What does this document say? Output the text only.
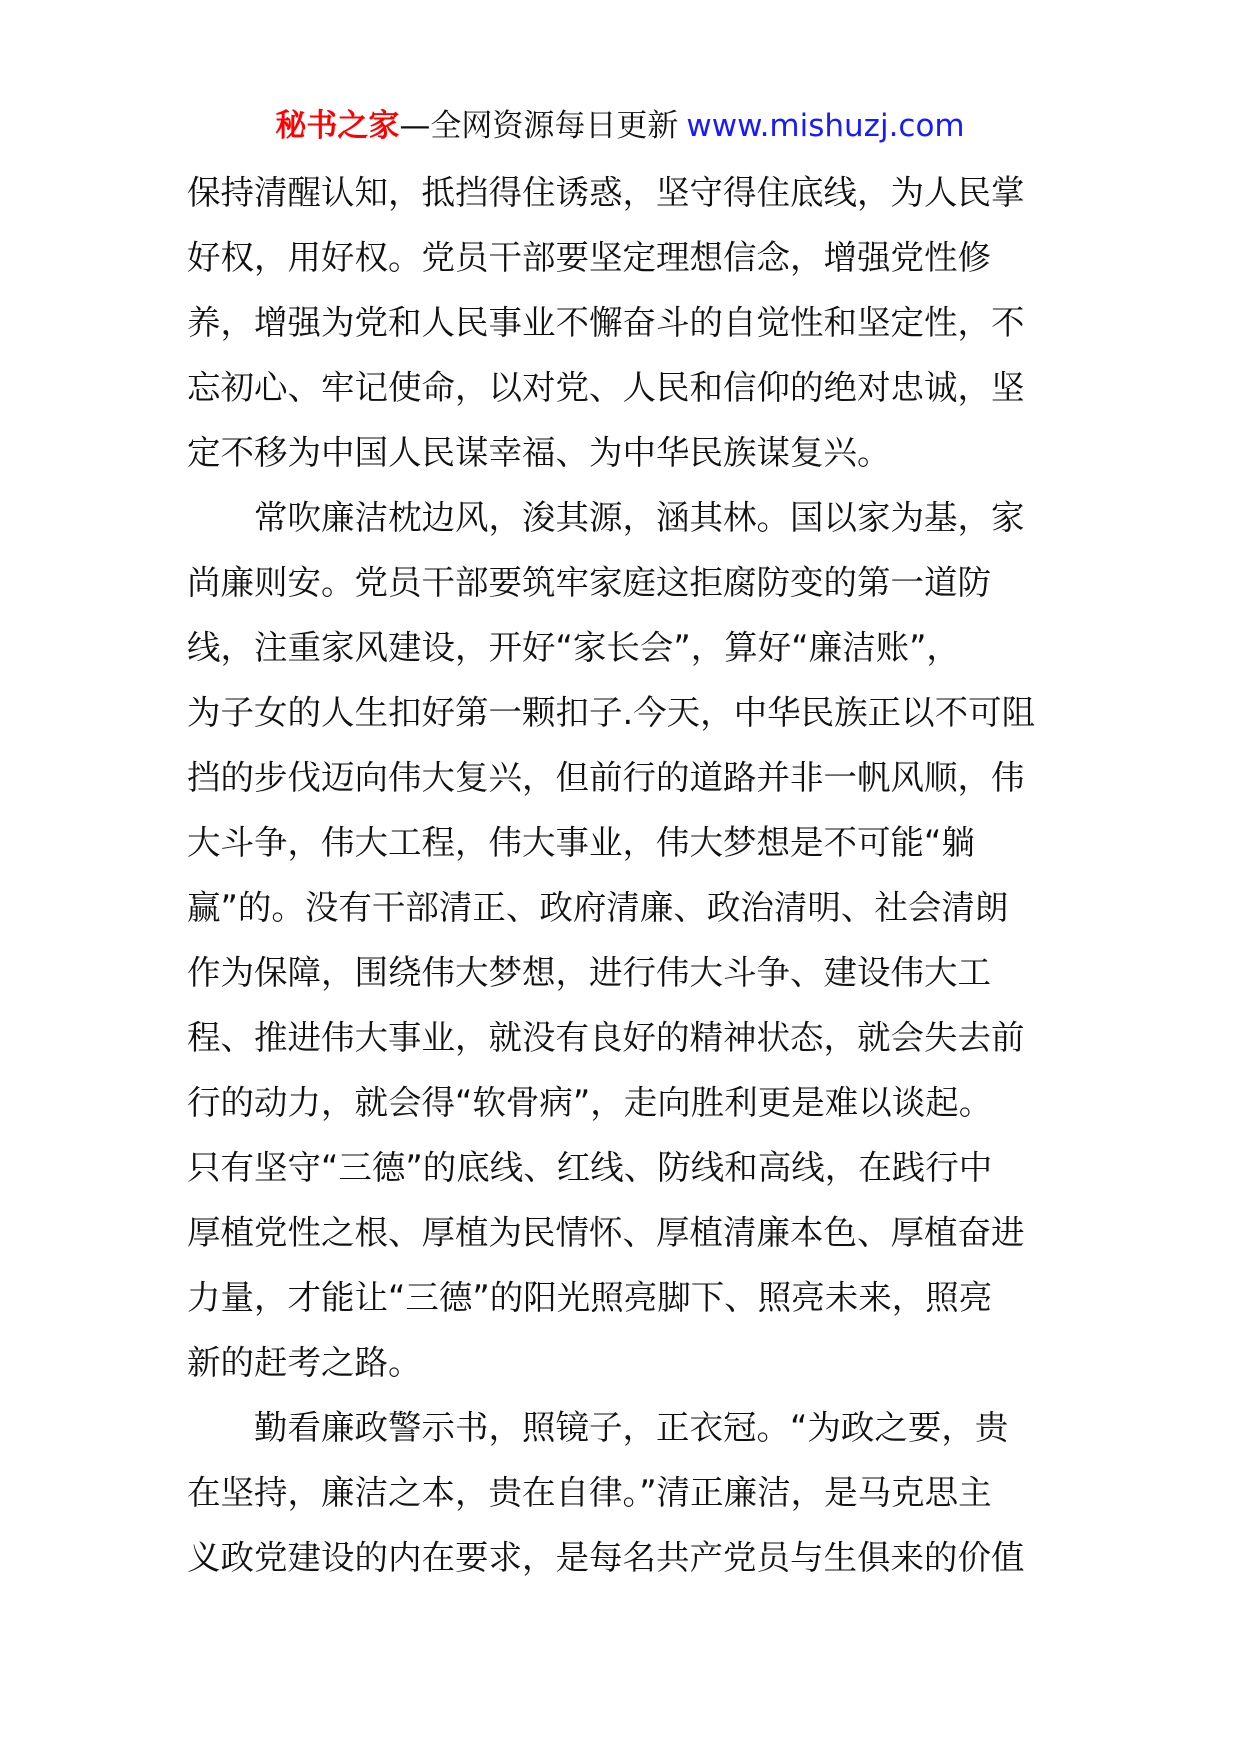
秘书之家—全网资源每日更新 www.mishuzj.com
保持清醒认知，抵挡得住诱惑，坚守得住底线，为人民掌
好权，用好权。党员干部要坚定理想信念，增强党性修
养，增强为党和人民事业不懈奋斗的自觉性和坚定性，不
忘初心、牢记使命，以对党、人民和信仰的绝对忠诚，坚
定不移为中国人民谋幸福、为中华民族谋复兴。
　　常吹廉洁枕边风，浚其源，涵其林。国以家为基，家
尚廉则安。党员干部要筑牢家庭这拒腐防变的第一道防
线，注重家风建设，开好“家长会”，算好“廉洁账”，
为子女的人生扣好第一颗扣子.今天，中华民族正以不可阻
挡的步伐迈向伟大复兴，但前行的道路并非一帆风顺，伟
大斗争，伟大工程，伟大事业，伟大梦想是不可能“躺
赢”的。没有干部清正、政府清廉、政治清明、社会清朗
作为保障，围绕伟大梦想，进行伟大斗争、建设伟大工
程、推进伟大事业，就没有良好的精神状态，就会失去前
行的动力，就会得“软骨病”，走向胜利更是难以谈起。
只有坚守“三德”的底线、红线、防线和高线，在践行中
厚植党性之根、厚植为民情怀、厚植清廉本色、厚植奋进
力量，才能让“三德”的阳光照亮脚下、照亮未来，照亮
新的赶考之路。
　　勤看廉政警示书，照镜子，正衣冠。“为政之要，贵
在坚持，廉洁之本，贵在自律。”清正廉洁，是马克思主
义政党建设的内在要求，是每名共产党员与生俱来的价值
